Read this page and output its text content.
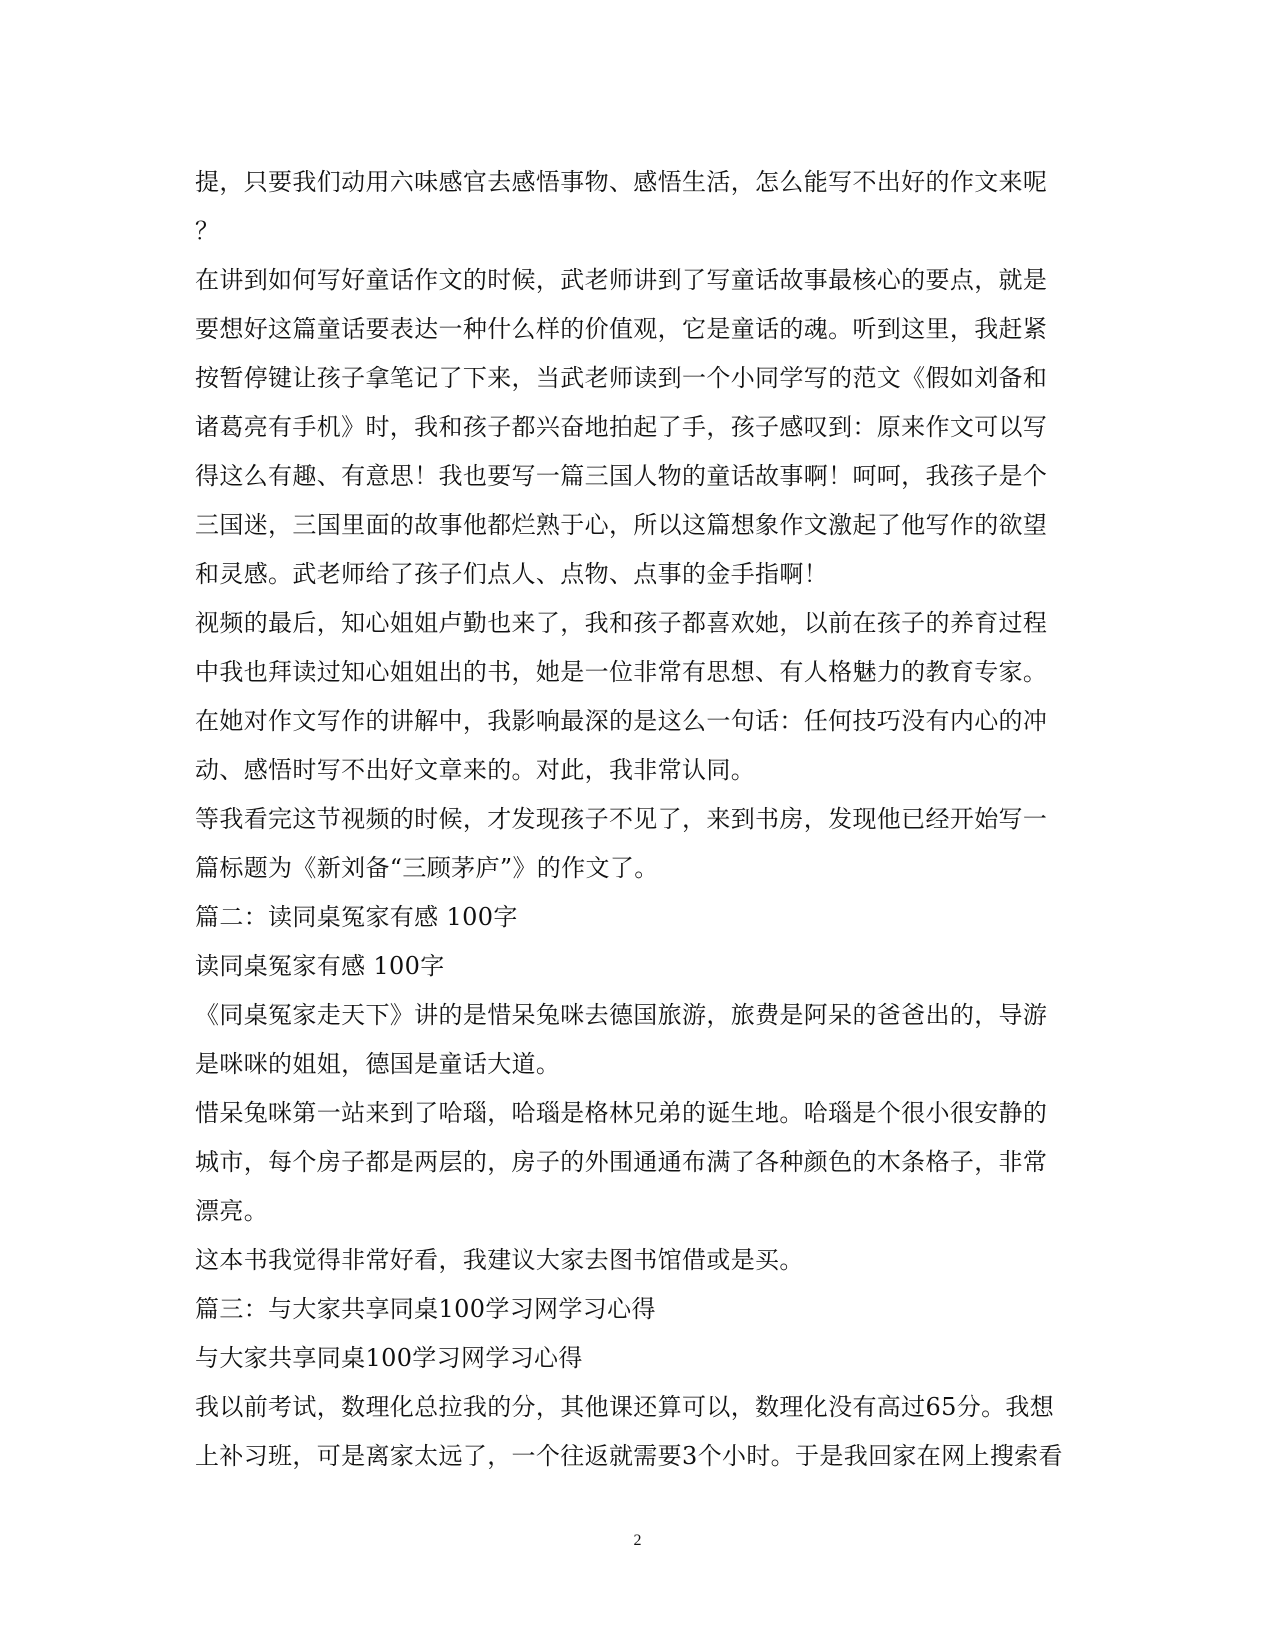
提，只要我们动用六味感官去感悟事物、感悟生活，怎么能写不出好的作文来呢
？
在讲到如何写好童话作文的时候，武老师讲到了写童话故事最核心的要点，就是
要想好这篇童话要表达一种什么样的价值观，它是童话的魂。听到这里，我赶紧
按暂停键让孩子拿笔记了下来，当武老师读到一个小同学写的范文《假如刘备和
诸葛亮有手机》时，我和孩子都兴奋地拍起了手，孩子感叹到：原来作文可以写
得这么有趣、有意思！我也要写一篇三国人物的童话故事啊！呵呵，我孩子是个
三国迷，三国里面的故事他都烂熟于心，所以这篇想象作文激起了他写作的欲望
和灵感。武老师给了孩子们点人、点物、点事的金手指啊！
视频的最后，知心姐姐卢勤也来了，我和孩子都喜欢她，以前在孩子的养育过程
中我也拜读过知心姐姐出的书，她是一位非常有思想、有人格魅力的教育专家。
在她对作文写作的讲解中，我影响最深的是这么一句话：任何技巧没有内心的冲
动、感悟时写不出好文章来的。对此，我非常认同。
等我看完这节视频的时候，才发现孩子不见了，来到书房，发现他已经开始写一
篇标题为《新刘备“三顾茅庐”》的作文了。
篇二：读同桌冤家有感 100字
读同桌冤家有感 100字
《同桌冤家走天下》讲的是惜呆兔咪去德国旅游，旅费是阿呆的爸爸出的，导游
是咪咪的姐姐，德国是童话大道。
惜呆兔咪第一站来到了哈瑙，哈瑙是格林兄弟的诞生地。哈瑙是个很小很安静的
城市，每个房子都是两层的，房子的外围通通布满了各种颜色的木条格子，非常
漂亮。
这本书我觉得非常好看，我建议大家去图书馆借或是买。
篇三：与大家共享同桌100学习网学习心得
与大家共享同桌100学习网学习心得
我以前考试，数理化总拉我的分，其他课还算可以，数理化没有高过65分。我想
上补习班，可是离家太远了，一个往返就需要3个小时。于是我回家在网上搜索看
2
